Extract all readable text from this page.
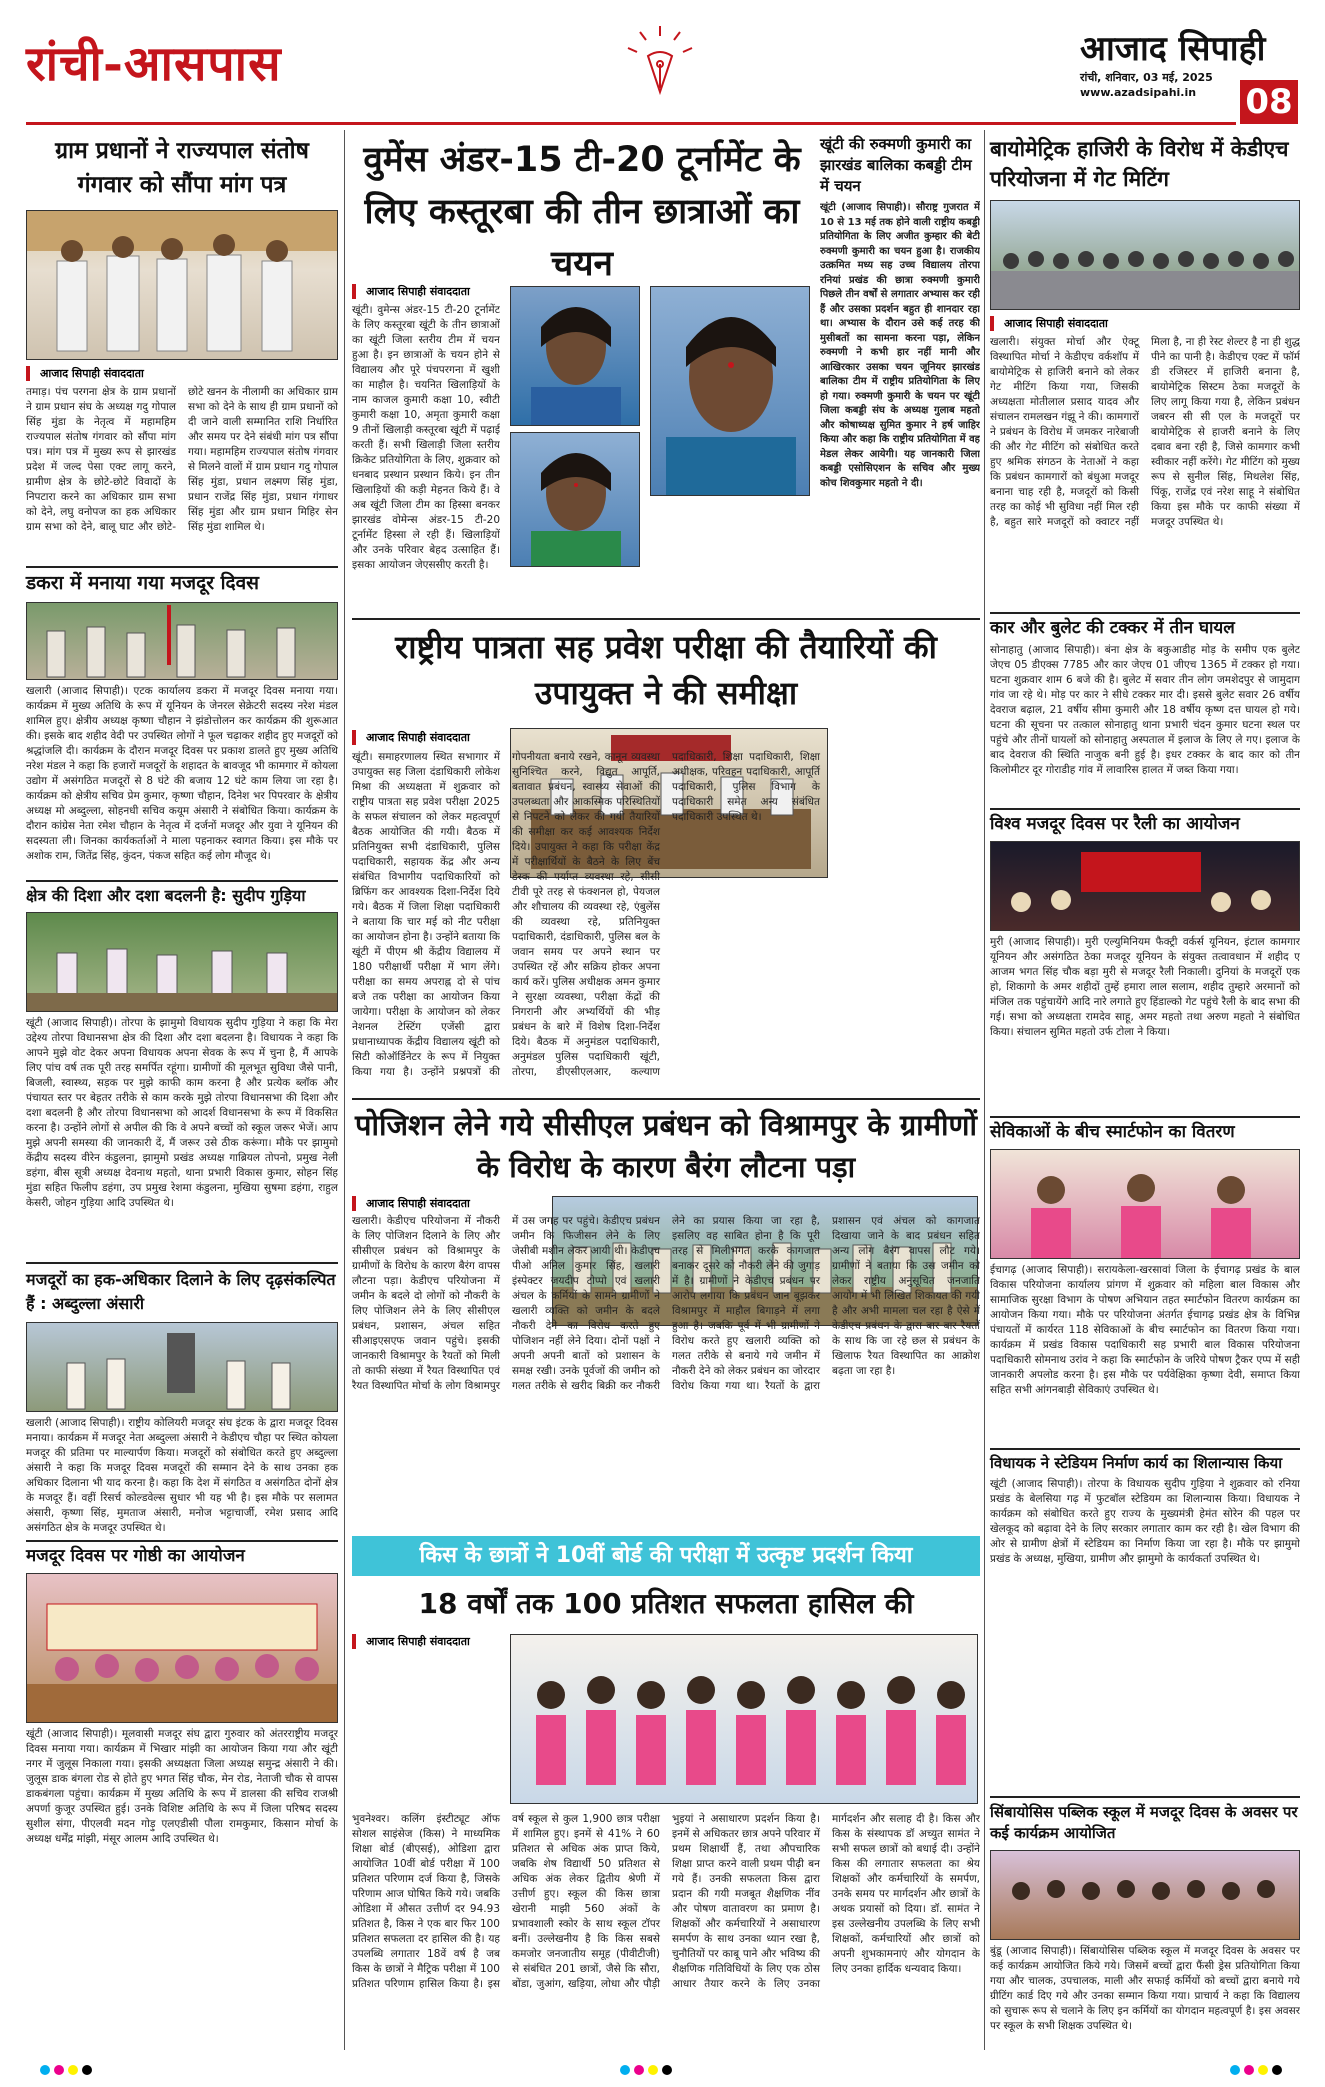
रांची-आसपास	आजाद सिपाही
रांची, शनिवार, 03 मई, 2025
www.azadsipahi.in 08
ग्राम प्रधानों ने राज्यपाल संतोष गंगवार को सौंपा मांग पत्र
आजाद सिपाही संवाददाता
तमाड़। पंच परगना क्षेत्र के ग्राम प्रधानों ने ग्राम प्रधान संघ के अध्यक्ष गदु गोपाल सिंह मुंडा के नेतृत्व में महामहिम राज्यपाल संतोष गंगवार को सौंपा मांग पत्र। मांग पत्र में मुख्य रूप से झारखंड प्रदेश में जल्द पेसा एक्ट लागू करने, ग्रामीण क्षेत्र के छोटे-छोटे विवादों के निपटारा करने का अधिकार ग्राम सभा को देने, लघु वनोपज का हक अधिकार ग्राम सभा को देने, बालू घाट और छोटे-छोटे खनन के नीलामी का अधिकार ग्राम सभा को देने के साथ ही ग्राम प्रधानों को दी जाने वाली सम्मानित राशि निर्धारित और समय पर देने संबंधी मांग पत्र सौंपा गया। महामहिम राज्यपाल संतोष गंगवार से मिलने वालों में ग्राम प्रधान गदु गोपाल सिंह मुंडा, प्रधान लक्ष्मण सिंह मुंडा, प्रधान राजेंद्र सिंह मुंडा, प्रधान गंगाधर सिंह मुंडा और ग्राम प्रधान मिहिर सेन सिंह मुंडा शामिल थे।
डकरा में मनाया गया मजदूर दिवस
खलारी (आजाद सिपाही)। एटक कार्यालय डकरा में मजदूर दिवस मनाया गया। कार्यक्रम में मुख्य अतिथि के रूप में यूनियन के जेनरल सेक्रेटरी सदस्य नरेश मंडल शामिल हुए। क्षेत्रीय अध्यक्ष कृष्णा चौहान ने झंडोत्तोलन कर कार्यक्रम की शुरूआत की। इसके बाद शहीद वेदी पर उपस्थित लोगों ने फूल चढ़ाकर शहीद हुए मजदूरों को श्रद्धांजलि दी। कार्यक्रम के दौरान मजदूर दिवस पर प्रकाश डालते हुए मुख्य अतिथि नरेश मंडल ने कहा कि हजारों मजदूरों के शहादत के बावजूद भी कामगार में कोयला उद्योग में असंगठित मजदूरों से 8 घंटे की बजाय 12 घंटे काम लिया जा रहा है। कार्यक्रम को क्षेत्रीय सचिव प्रेम कुमार, कृष्णा चौहान, दिनेश भर पिपरवार के क्षेत्रीय अध्यक्ष मो अब्दुल्ला, सोहनधी सचिव कयूम अंसारी ने संबोधित किया। कार्यक्रम के दौरान कांग्रेस नेता रमेश चौहान के नेतृत्व में दर्जनों मजदूर और युवा ने यूनियन की सदस्यता ली। जिनका कार्यकर्ताओं ने माला पहनाकर स्वागत किया। इस मौके पर अशोक राम, जितेंद्र सिंह, कुंदन, पंकज सहित कई लोग मौजूद थे।
क्षेत्र की दिशा और दशा बदलनी है: सुदीप गुड़िया
खूंटी (आजाद सिपाही)। तोरपा के झामुमो विधायक सुदीप गुड़िया ने कहा कि मेरा उद्देश्य तोरपा विधानसभा क्षेत्र की दिशा और दशा बदलना है। विधायक ने कहा कि आपने मुझे वोट देकर अपना विधायक अपना सेवक के रूप में चुना है, मैं आपके लिए पांच वर्ष तक पूरी तरह समर्पित रहूंगा। ग्रामीणों की मूलभूत सुविधा जैसे पानी, बिजली, स्वास्थ्य, सड़क पर मुझे काफी काम करना है और प्रत्येक ब्लॉक और पंचायत स्तर पर बेहतर तरीके से काम करके मुझे तोरपा विधानसभा की दिशा और दशा बदलनी है और तोरपा विधानसभा को आदर्श विधानसभा के रूप में विकसित करना है। उन्होंने लोगों से अपील की कि वे अपने बच्चों को स्कूल जरूर भेजें। आप मुझे अपनी समस्या की जानकारी दें, मैं जरूर उसे ठीक करूंगा। मौके पर झामुमो केंद्रीय सदस्य वीरेन कंडुलना, झामुमो प्रखंड अध्यक्ष गाब्रियल तोपनो, प्रमुख नेली डहंगा, बीस सूत्री अध्यक्ष देवनाथ महतो, थाना प्रभारी विकास कुमार, सोहन सिंह मुंडा सहित फिलीप डहंगा, उप प्रमुख रेशमा कंडुलना, मुखिया सुषमा डहंगा, राहुल केसरी, जोहन गुड़िया आदि उपस्थित थे।
मजदूरों का हक-अधिकार दिलाने के लिए दृढ़संकल्पित हैं : अब्दुल्ला अंसारी
खलारी (आजाद सिपाही)। राष्ट्रीय कोलियरी मजदूर संघ इंटक के द्वारा मजदूर दिवस मनाया। कार्यक्रम में मजदूर नेता अब्दुल्ला अंसारी ने केडीएच चौहा पर स्थित कोयला मजदूर की प्रतिमा पर माल्यार्पण किया। मजदूरों को संबोधित करते हुए अब्दुल्ला अंसारी ने कहा कि मजदूर दिवस मजदूरों की सम्मान देने के साथ उनका हक अधिकार दिलाना भी याद करना है। कहा कि देश में संगठित व असंगठित दोनों क्षेत्र के मजदूर हैं। वहीं रिसर्च कोल्डवेल्स सुधार भी यह भी है। इस मौके पर सलामत अंसारी, कृष्णा सिंह, मुमताज अंसारी, मनोज भट्टाचार्जी, रमेश प्रसाद आदि असंगठित क्षेत्र के मजदूर उपस्थित थे।
मजदूर दिवस पर गोष्ठी का आयोजन
खूंटी (आजाद सिपाही)। मूलवासी मजदूर संघ द्वारा गुरुवार को अंतरराष्ट्रीय मजदूर दिवस मनाया गया। कार्यक्रम में भिखार मांझी का आयोजन किया गया और खूंटी नगर में जुलूस निकाला गया। इसकी अध्यक्षता जिला अध्यक्ष समुन्द्र अंसारी ने की। जुलूस डाक बंगला रोड से होते हुए भगत सिंह चौक, मेन रोड, नेताजी चौक से वापस डाकबंगला पहुंचा। कार्यक्रम में मुख्य अतिथि के रूप में डालसा की सचिव राजश्री अपर्णा कुजूर उपस्थित हुई। उनके विशिष्ट अतिथि के रूप में जिला परिषद सदस्य सुशील संगा, पीएलवी मदन गोड़ु एलएडीसी पौला रामकुमार, किसान मोर्चा के अध्यक्ष धर्मेंद्र मांझी, मंसूर आलम आदि उपस्थित थे।
वुमेंस अंडर-15 टी-20 टूर्नामेंट के लिए कस्तूरबा की तीन छात्राओं का चयन
आजाद सिपाही संवाददाता
खूंटी। वुमेन्स अंडर-15 टी-20 टूर्नामेंट के लिए कस्तूरबा खूंटी के तीन छात्राओं का खूंटी जिला स्तरीय टीम में चयन हुआ है। इन छात्राओं के चयन होने से विद्यालय और पूरे पंचपरगना में खुशी का माहौल है। चयनित खिलाड़ियों के नाम काजल कुमारी कक्षा 10, स्वीटी कुमारी कक्षा 10, अमृता कुमारी कक्षा 9 तीनों खिलाड़ी कस्तूरबा खूंटी में पढ़ाई करती हैं। सभी खिलाड़ी जिला स्तरीय क्रिकेट प्रतियोगिता के लिए, शुक्रवार को धनबाद प्रस्थान प्रस्थान किये। इन तीन खिलाड़ियों की कड़ी मेहनत किये हैं। वे अब खूंटी जिला टीम का हिस्सा बनकर झारखंड वोमेन्स अंडर-15 टी-20 टूर्नामेंट हिस्सा ले रही हैं। खिलाड़ियों और उनके परिवार बेहद उत्साहित हैं। इसका आयोजन जेएससीए करती है।
खूंटी की रुक्मणी कुमारी का झारखंड बालिका कबड्डी टीम में चयन
खूंटी (आजाद सिपाही)। सौराष्ट्र गुजरात में 10 से 13 मई तक होने वाली राष्ट्रीय कबड्डी प्रतियोगिता के लिए अजीत कुम्हार की बेटी रुक्मणी कुमारी का चयन हुआ है। राजकीय उत्क्रमित मध्य सह उच्च विद्यालय तोरपा रनियां प्रखंड की छात्रा रुक्मणी कुमारी पिछले तीन वर्षों से लगातार अभ्यास कर रही हैं और उसका प्रदर्शन बहुत ही शानदार रहा था। अभ्यास के दौरान उसे कई तरह की मुसीबतों का सामना करना पड़ा, लेकिन रुक्मणी ने कभी हार नहीं मानी और आखिरकार उसका चयन जूनियर झारखंड बालिका टीम में राष्ट्रीय प्रतियोगिता के लिए हो गया। रुक्मणी कुमारी के चयन पर खूंटी जिला कबड्डी संघ के अध्यक्ष गुलाब महतो और कोषाध्यक्ष सुमित कुमार ने हर्ष जाहिर किया और कहा कि राष्ट्रीय प्रतियोगिता में वह मेडल लेकर आयेगी। यह जानकारी जिला कबड्डी एसोसिएशन के सचिव और मुख्य कोच शिवकुमार महतो ने दी।
राष्ट्रीय पात्रता सह प्रवेश परीक्षा की तैयारियों की उपायुक्त ने की समीक्षा
आजाद सिपाही संवाददाता
खूंटी। समाहरणालय स्थित सभागार में उपायुक्त सह जिला दंडाधिकारी लोकेश मिश्रा की अध्यक्षता में शुक्रवार को राष्ट्रीय पात्रता सह प्रवेश परीक्षा 2025 के सफल संचालन को लेकर महत्वपूर्ण बैठक आयोजित की गयी। बैठक में प्रतिनियुक्त सभी दंडाधिकारी, पुलिस पदाधिकारी, सहायक केंद्र और अन्य संबंधित विभागीय पदाधिकारियों को ब्रिफिंग कर आवश्यक दिशा-निर्देश दिये गये। बैठक में जिला शिक्षा पदाधिकारी ने बताया कि चार मई को नीट परीक्षा का आयोजन होना है। उन्होंने बताया कि खूंटी में पीएम श्री केंद्रीय विद्यालय में 180 परीक्षार्थी परीक्षा में भाग लेंगे। परीक्षा का समय अपराह्न दो से पांच बजे तक परीक्षा का आयोजन किया जायेगा। परीक्षा के आयोजन को लेकर नेशनल टेस्टिंग एजेंसी द्वारा प्रधानाध्यापक केंद्रीय विद्यालय खूंटी को सिटी कोऑर्डिनेटर के रूप में नियुक्त किया गया है। उन्होंने प्रश्नपत्रों की गोपनीयता बनाये रखने, कानून व्यवस्था सुनिश्चित करने, विद्युत आपूर्ति, बतावात प्रबंधन, स्वास्थ्य सेवाओं की उपलब्धता और आकस्मिक परिस्थितियों से निपटने को लेकर की गयी तैयारियों की समीक्षा कर कई आवश्यक निर्देश दिये। उपायुक्त ने कहा कि परीक्षा केंद्र में परीक्षार्थियों के बैठने के लिए बेंच डेस्क की पर्याप्त व्यवस्था रहे, सीसी टीवी पूरे तरह से फंक्शनल हो, पेयजल और शौचालय की व्यवस्था रहे, एंबुलेंस की व्यवस्था रहे, प्रतिनियुक्त पदाधिकारी, दंडाधिकारी, पुलिस बल के जवान समय पर अपने स्थान पर उपस्थित रहें और सक्रिय होकर अपना कार्य करें। पुलिस अधीक्षक अमन कुमार ने सुरक्षा व्यवस्था, परीक्षा केंद्रों की निगरानी और अभ्यर्थियों की भीड़ प्रबंधन के बारे में विशेष दिशा-निर्देश दिये। बैठक में अनुमंडल पदाधिकारी, अनुमंडल पुलिस पदाधिकारी खूंटी, तोरपा, डीएसीएलआर, कल्याण पदाधिकारी, शिक्षा पदाधिकारी, शिक्षा अधीक्षक, परिवहन पदाधिकारी, आपूर्ति पदाधिकारी, पुलिस विभाग के पदाधिकारी समेत अन्य संबंधित पदाधिकारी उपस्थित थे।
पोजिशन लेने गये सीसीएल प्रबंधन को विश्रामपुर के ग्रामीणों के विरोध के कारण बैरंग लौटना पड़ा
आजाद सिपाही संवाददाता
खलारी। केडीएच परियोजना में नौकरी के लिए पोजिशन दिलाने के लिए और सीसीएल प्रबंधन को विश्रामपुर के ग्रामीणों के विरोध के कारण बैरंग वापस लौटना पड़ा। केडीएच परियोजना में जमीन के बदले दो लोगों को नौकरी के लिए पोजिशन लेने के लिए सीसीएल प्रबंधन, प्रशासन, अंचल सहित सीआइएसएफ जवान पहुंचे। इसकी जानकारी विश्रामपुर के रैयतों को मिली तो काफी संख्या में रैयत विस्थापित एवं रैयत विस्थापित मोर्चा के लोग विश्रामपुर में उस जगह पर पहुंचे। केडीएच प्रबंधन जमीन कि फिजीसन लेने के लिए जेसीबी मशीन लेकर आयी थी। केडीएच पीओ अनिल कुमार सिंह, खलारी इंस्पेक्टर जयदीप टोप्पो एवं खलारी अंचल के कर्मियों के सामने ग्रामीणों ने खलारी व्यक्ति को जमीन के बदले नौकरी देने का विरोध करते हुए पोजिशन नहीं लेने दिया। दोनों पक्षों ने अपनी अपनी बातों को प्रशासन के समक्ष रखी। उनके पूर्वजों की जमीन को गलत तरीके से खरीद बिक्री कर नौकरी लेने का प्रयास किया जा रहा है, इसलिए वह साबित होना है कि पूरी तरह से मिलीभगत करके कागजात बनाकर दूसरे को नौकरी लेने की जुगाड़ में है। ग्रामीणों ने केडीएच प्रबंधन पर आरोप लगाया कि प्रबंधन जान बूझकर विश्रामपुर में माहौल बिगाड़ने में लगा हुआ है। जबकि पूर्व में भी ग्रामीणों ने विरोध करते हुए खलारी व्यक्ति को गलत तरीके से बनाये गये जमीन में नौकरी देने को लेकर प्रबंधन का जोरदार विरोध किया गया था। रैयतों के द्वारा प्रशासन एवं अंचल को कागजात दिखाया जाने के बाद प्रबंधन सहित अन्य लोग बैरंग वापस लौट गये। ग्रामीणों ने बताया कि उस जमीन को लेकर राष्ट्रीय अनुसूचित जनजाति आयोग में भी लिखित शिकायत की गयी है और अभी मामला चल रहा है ऐसे में केडीएच प्रबंधन के द्वारा बार बार रैयतों के साथ कि जा रहे छल से प्रबंधन के खिलाफ रैयत विस्थापित का आक्रोश बढ़ता जा रहा है।
किस के छात्रों ने 10वीं बोर्ड की परीक्षा में उत्कृष्ट प्रदर्शन किया
18 वर्षों तक 100 प्रतिशत सफलता हासिल की
आजाद सिपाही संवाददाता
भुवनेश्वर। कलिंग इंस्टीट्यूट ऑफ सोशल साइंसेज (किस) ने माध्यमिक शिक्षा बोर्ड (बीएसई), ओडिशा द्वारा आयोजित 10वीं बोर्ड परीक्षा में 100 प्रतिशत परिणाम दर्ज किया है, जिसके परिणाम आज घोषित किये गये। जबकि ओडिशा में औसत उत्तीर्ण दर 94.93 प्रतिशत है, किस ने एक बार फिर 100 प्रतिशत सफलता दर हासिल की है। यह उपलब्धि लगातार 18वें वर्ष है जब किस के छात्रों ने मैट्रिक परीक्षा में 100 प्रतिशत परिणाम हासिल किया है। इस वर्ष स्कूल से कुल 1,900 छात्र परीक्षा में शामिल हुए। इनमें से 41% ने 60 प्रतिशत से अधिक अंक प्राप्त किये, जबकि शेष विद्यार्थी 50 प्रतिशत से अधिक अंक लेकर द्वितीय श्रेणी में उत्तीर्ण हुए। स्कूल की किस छात्रा खेरानी माझी 560 अंकों के प्रभावशाली स्कोर के साथ स्कूल टॉपर बनीं। उल्लेखनीय है कि किस सबसे कमजोर जनजातीय समूह (पीवीटीजी) से संबंधित 201 छात्रों, जैसे कि सौरा, बोंडा, जुआंग, खड़िया, लोधा और पौड़ी भुइयां ने असाधारण प्रदर्शन किया है। इनमें से अधिकतर छात्र अपने परिवार में प्रथम शिक्षार्थी हैं, तथा औपचारिक शिक्षा प्राप्त करने वाली प्रथम पीढ़ी बन गये हैं। उनकी सफलता किस द्वारा प्रदान की गयी मजबूत शैक्षणिक नींव और पोषण वातावरण का प्रमाण है। शिक्षकों और कर्मचारियों ने असाधारण समर्पण के साथ उनका ध्यान रखा है, चुनौतियों पर काबू पाने और भविष्य की शैक्षणिक गतिविधियों के लिए एक ठोस आधार तैयार करने के लिए उनका मार्गदर्शन और सलाह दी है। किस और किस के संस्थापक डॉ अच्युत सामंत ने सभी सफल छात्रों को बधाई दी। उन्होंने किस की लगातार सफलता का श्रेय शिक्षकों और कर्मचारियों के समर्पण, उनके समय पर मार्गदर्शन और छात्रों के अथक प्रयासों को दिया। डॉ. सामंत ने इस उल्लेखनीय उपलब्धि के लिए सभी शिक्षकों, कर्मचारियों और छात्रों को अपनी शुभकामनाएं और योगदान के लिए उनका हार्दिक धन्यवाद किया।
बायोमेट्रिक हाजिरी के विरोध में केडीएच परियोजना में गेट मिटिंग
आजाद सिपाही संवाददाता
खलारी। संयुक्त मोर्चा और ऐक्टू विस्थापित मोर्चा ने केडीएच वर्कशॉप में बायोमेट्रिक से हाजिरी बनाने को लेकर गेट मीटिंग किया गया, जिसकी अध्यक्षता मोतीलाल प्रसाद यादव और संचालन रामलखन गंझू ने की। कामगारों ने प्रबंधन के विरोध में जमकर नारेबाजी की और गेट मीटिंग को संबोधित करते हुए श्रमिक संगठन के नेताओं ने कहा कि प्रबंधन कामगारों को बंधुआ मजदूर बनाना चाह रही है, मजदूरों को किसी तरह का कोई भी सुविधा नहीं मिल रही है, बहुत सारे मजदूरों को क्वाटर नहीं मिला है, ना ही रेस्ट शेल्टर है ना ही शुद्ध पीने का पानी है। केडीएच एक्ट में फॉर्म डी रजिस्टर में हाजिरी बनाना है, बायोमेट्रिक सिस्टम ठेका मजदूरों के लिए लागू किया गया है, लेकिन प्रबंधन जबरन सी सी एल के मजदूरों पर बायोमेट्रिक से हाजरी बनाने के लिए दबाव बना रही है, जिसे कामगार कभी स्वीकार नहीं करेंगे। गेट मीटिंग को मुख्य रूप से सुनील सिंह, मिथलेश सिंह, पिंकू, राजेंद्र एवं नरेश साहू ने संबोधित किया इस मौके पर काफी संख्या में मजदूर उपस्थित थे।
कार और बुलेट की टक्कर में तीन घायल
सोनाहातु (आजाद सिपाही)। बंना क्षेत्र के बकुआडीह मोड़ के समीप एक बुलेट जेएच 05 डीएक्स 7785 और कार जेएच 01 जीएच 1365 में टक्कर हो गया। घटना शुक्रवार शाम 6 बजे की है। बुलेट में सवार तीन लोग जमशेदपुर से जामुदाग गांव जा रहे थे। मोड़ पर कार ने सीधे टक्कर मार दी। इससे बुलेट सवार 26 वर्षीय देवराज बढ़ाल, 21 वर्षीय सीमा कुमारी और 18 वर्षीय कृष्ण दत्त घायल हो गये। घटना की सूचना पर तत्काल सोनाहातु थाना प्रभारी चंदन कुमार घटना स्थल पर पहुंचे और तीनों घायलों को सोनाहातु अस्पताल में इलाज के लिए ले गए। इलाज के बाद देवराज की स्थिति नाजुक बनी हुई है। इधर टक्कर के बाद कार को तीन किलोमीटर दूर गोराडीह गांव में लावारिस हालत में जब्त किया गया।
विश्व मजदूर दिवस पर रैली का आयोजन
मुरी (आजाद सिपाही)। मुरी एल्युमिनियम फैक्ट्री वर्कर्स यूनियन, इंटाल कामगार यूनियन और असंगठित ठेका मजदूर यूनियन के संयुक्त तत्वावधान में शहीद ए आजम भगत सिंह चौक बड़ा मुरी से मजदूर रैली निकाली। दुनियां के मजदूरों एक हो, शिकागो के अमर शहीदों तुम्हें हमारा लाल सलाम, शहीद तुम्हारे अरमानों को मंजिल तक पहुंचायेंगे आदि नारे लगाते हुए हिंडाल्को गेट पहुंचे रैली के बाद सभा की गई। सभा को अध्यक्षता रामदेव साहू, अमर महतो तथा अरुण महतो ने संबोधित किया। संचालन सुमित महतो उर्फ टोला ने किया।
सेविकाओं के बीच स्मार्टफोन का वितरण
ईचागढ़ (आजाद सिपाही)। सरायकेला-खरसावां जिला के ईचागढ़ प्रखंड के बाल विकास परियोजना कार्यालय प्रांगण में शुक्रवार को महिला बाल विकास और सामाजिक सुरक्षा विभाग के पोषण अभियान तहत स्मार्टफोन वितरण कार्यक्रम का आयोजन किया गया। मौके पर परियोजना अंतर्गत ईचागढ़ प्रखंड क्षेत्र के विभिन्न पंचायतों में कार्यरत 118 सेविकाओं के बीच स्मार्टफोन का वितरण किया गया। कार्यक्रम में प्रखंड विकास पदाधिकारी सह प्रभारी बाल विकास परियोजना पदाधिकारी सोमनाथ उरांव ने कहा कि स्मार्टफोन के जरिये पोषण ट्रैकर एप्प में सही जानकारी अपलोड करना है। इस मौके पर पर्यवेक्षिका कृष्णा देवी, समाप्त किया सहित सभी आंगनबाड़ी सेविकाएं उपस्थित थे।
विधायक ने स्टेडियम निर्माण कार्य का शिलान्यास किया
खूंटी (आजाद सिपाही)। तोरपा के विधायक सुदीप गुड़िया ने शुक्रवार को रनिया प्रखंड के बेलसिया गढ़ में फुटबॉल स्टेडियम का शिलान्यास किया। विधायक ने कार्यक्रम को संबोधित करते हुए राज्य के मुख्यमंत्री हेमंत सोरेन की पहल पर खेलकूद को बढ़ावा देने के लिए सरकार लगातार काम कर रही है। खेल विभाग की ओर से ग्रामीण क्षेत्रों में स्टेडियम का निर्माण किया जा रहा है। मौके पर झामुमो प्रखंड के अध्यक्ष, मुखिया, ग्रामीण और झामुमो के कार्यकर्ता उपस्थित थे।
सिंबायोसिस पब्लिक स्कूल में मजदूर दिवस के अवसर पर कई कार्यक्रम आयोजित
बुंडू (आजाद सिपाही)। सिंबायोसिस पब्लिक स्कूल में मजदूर दिवस के अवसर पर कई कार्यक्रम आयोजित किये गये। जिसमें बच्चों द्वारा फैंसी ड्रेस प्रतियोगिता किया गया और चालक, उपचालक, माली और सफाई कर्मियों को बच्चों द्वारा बनाये गये ग्रीटिंग कार्ड दिए गये और उनका सम्मान किया गया। प्राचार्य ने कहा कि विद्यालय को सुचारू रूप से चलाने के लिए इन कर्मियों का योगदान महत्वपूर्ण है। इस अवसर पर स्कूल के सभी शिक्षक उपस्थित थे।
